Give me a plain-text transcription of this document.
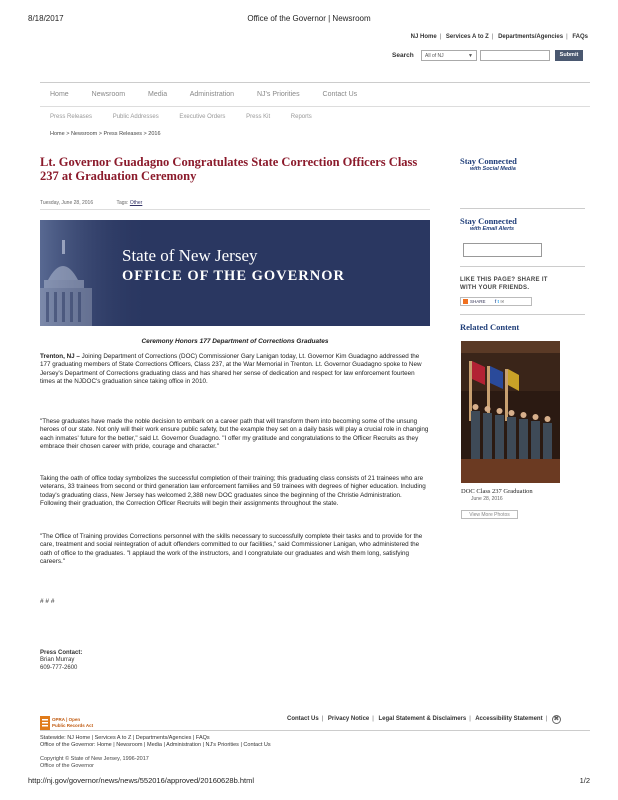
8/18/2017	Office of the Governor | Newsroom
NJ Home | Services A to Z | Departments/Agencies | FAQs
Search	All of NJ	▼	Submit
Home	Newsroom	Media	Administration	NJ's Priorities	Contact Us
Press Releases	Public Addresses	Executive Orders	Press Kit	Reports
Home > Newsroom > Press Releases > 2016
Lt. Governor Guadagno Congratulates State Correction Officers Class 237 at Graduation Ceremony
Tuesday, June 28, 2016	Tags: Other
State of New Jersey
OFFICE OF THE GOVERNOR
Ceremony Honors 177 Department of Corrections Graduates

Trenton, NJ – Joining Department of Corrections (DOC) Commissioner Gary Lanigan today, Lt. Governor Kim Guadagno addressed the 177 graduating members of State Corrections Officers, Class 237, at the War Memorial in Trenton. Lt. Governor Guadagno spoke to New Jersey's Department of Corrections graduating class and has shared her sense of dedication and respect for law enforcement fourteen times at the NJDOC's graduation since taking office in 2010.

"These graduates have made the noble decision to embark on a career path that will transform them into becoming some of the unsung heroes of our state. Not only will their work ensure public safety, but the example they set on a daily basis will play a crucial role in changing each inmates' future for the better," said Lt. Governor Guadagno. "I offer my gratitude and congratulations to the Officer Recruits as they embrace their chosen career with pride, courage and character."

Taking the oath of office today symbolizes the successful completion of their training; this graduating class consists of 21 trainees who are veterans, 33 trainees from second or third generation law enforcement families and 59 trainees with degrees of higher education. Including today's graduating class, New Jersey has welcomed 2,388 new DOC graduates since the beginning of the Christie Administration. Following their graduation, the Correction Officer Recruits will begin their assignments throughout the state.

"The Office of Training provides Corrections personnel with the skills necessary to successfully complete their tasks and to provide for the care, treatment and social reintegration of adult offenders committed to our facilities," said Commissioner Lanigan, who administered the oath of office to the graduates. "I applaud the work of the instructors, and I congratulate our graduates and wish them long, satisfying careers."

# # #
Press Contact:
Brian Murray
609-777-2600
Stay Connected
with Social Media
Stay Connected
with Email Alerts
LIKE THIS PAGE? SHARE IT
WITH YOUR FRIENDS.
SHARE f t ✉
Related Content
DOC Class 237 Graduation
June 28, 2016
View More Photos
OPRA | Open
Public Records Act
Contact Us | Privacy Notice | Legal Statement & Disclaimers | Accessibility Statement | ⌘
Statewide: NJ Home | Services A to Z | Departments/Agencies | FAQs
Office of the Governor: Home | Newsroom | Media | Administration | NJ's Priorities | Contact Us
Copyright © State of New Jersey, 1996-2017
Office of the Governor
http://nj.gov/governor/news/news/552016/approved/20160628b.html	1/2
